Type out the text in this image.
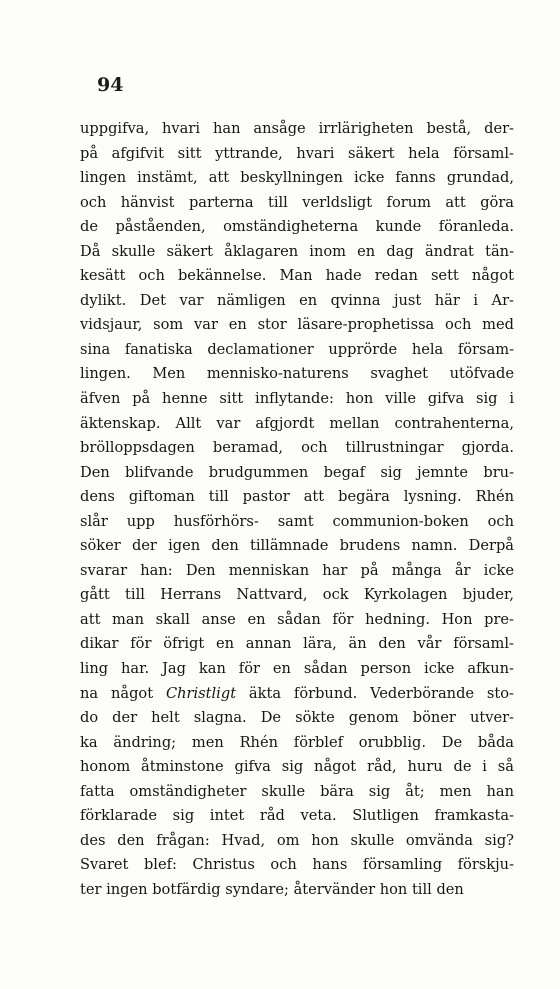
94
uppgifva, hvari han ansåge irrläriɡheten bestå, der-
på afgifvit sitt yttrande, hvari säkert hela församl-
lingen instämt, att beskyllningen icke fanns grundad,
och hänvist parterna till verldsligt forum att göra
de påståenden, omständigheterna kunde föranleda.
Då skulle säkert åklagaren inom en dag ändrat tän-
kesätt och bekännelse. Man hade redan sett något
dylikt. Det var nämligen en qvinna just här i Ar-
vidsjaur, som var en stor läsare-prophetissa och med
sina fanatiska declamationer upprörde hela försam-
lingen. Men mennisko-naturens svaghet utöfvade
äfven på henne sitt inflytande: hon ville gifva sig i
äktenskap. Allt var afgjordt mellan contrahenterna,
brölloppsdagen beramad, och tillrustningar gjorda.
Den blifvande brudgummen begaf sig jemnte bru-
dens giftoman till pastor att begära lysning. Rhén
slår upp husförhörs- samt communion-boken och
söker der igen den tillämnade brudens namn. Derpå
svarar han: Den menniskan har på många år icke
gått till Herrans Nattvard, ock Kyrkolagen bjuder,
att man skall anse en sådan för hedning. Hon pre-
dikar för öfrigt en annan lära, än den vår församl-
ling har. Jag kan för en sådan person icke afkun-
na något Christligt äkta förbund. Vederbörande sto-
do der helt slagna. De sökte genom böner utver-
ka ändring; men Rhén förblef orubblig. De båda
honom åtminstone gifva sig något råd, huru de i så
fatta omständigheter skulle bära sig åt; men han
förklarade sig intet råd veta. Slutligen framkasta-
des den frågan: Hvad, om hon skulle omvända sig?
Svaret blef: Christus och hans församling förskju-
ter ingen botfärdig syndare; återvänder hon till den
